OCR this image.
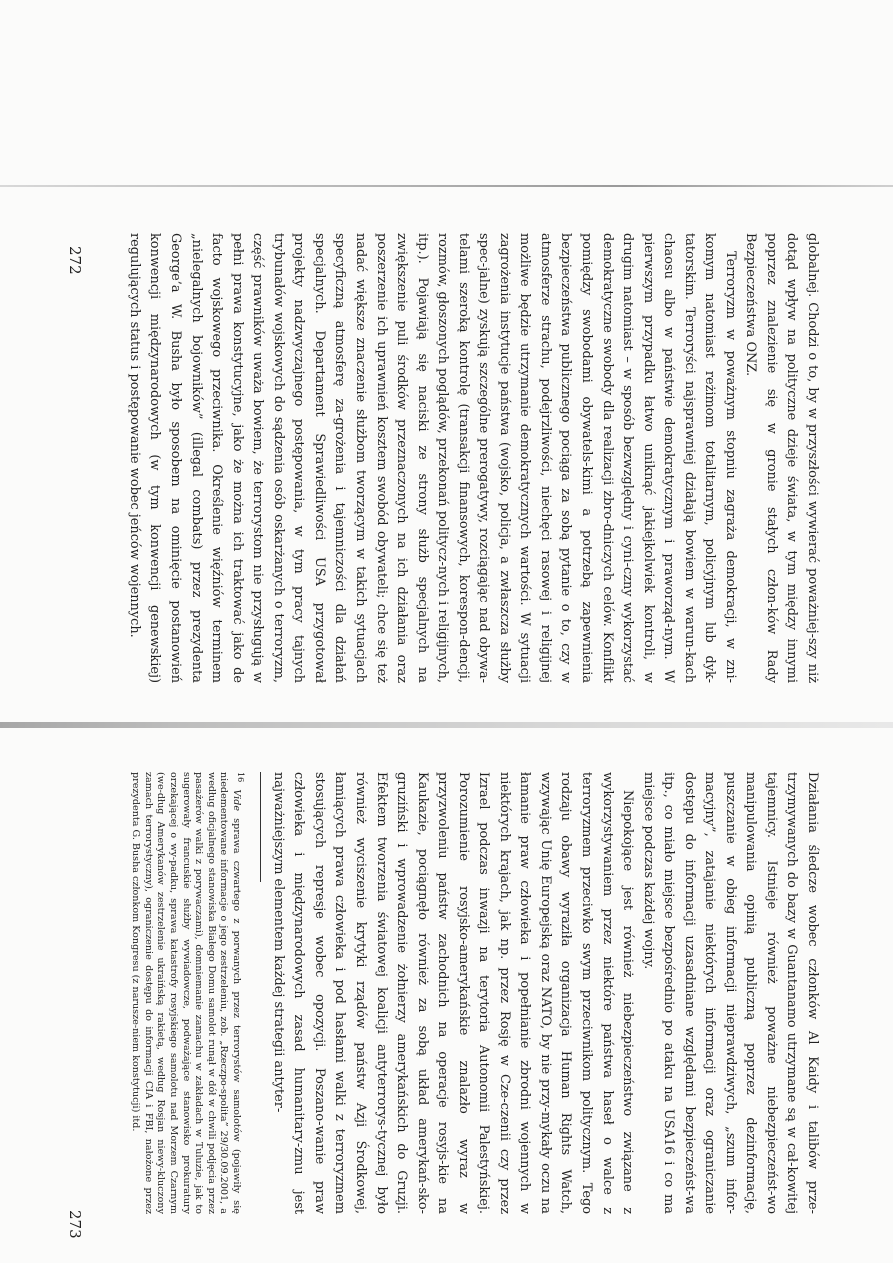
globalnej. Chodzi o to, by w przyszłości wywierać poważniej-szy niż dotąd wpływ na polityczne dzieje świata, w tym między innymi poprzez znalezienie się w gronie stałych człon-ków Rady Bezpieczeństwa ONZ.

Terroryzm w poważnym stopniu zagraża demokracji, w zni-komym natomiast reżimom totalitarnym, policyjnym lub dyk-tatorskim. Terroryści najsprawniej działają bowiem w warun-kach chaosu albo w państwie demokratycznym i praworząd-nym. W pierwszym przypadku łatwo uniknąć jakiejkolwiek kontroli, w drugim natomiast – w sposób bezwzględny i cyni-czny wykorzystać demokratyczne swobody dla realizacji zbro-dniczych celów. Konflikt pomiędzy swobodami obywatels-kimi a potrzebą zapewnienia bezpieczeństwa publicznego pociąga za sobą pytanie o to, czy w atmosferze strachu, podejrzliwości, niechęci rasowej i religijnej możliwe będzie utrzymanie demokratycznych wartości. W sytuacji zagrożenia instytucje państwa (wojsko, policja, a zwłaszcza służby spec-jalne) zyskują szczególne prerogatywy, rozciągając nad obywa-telami szeroką kontrolę (transakcji finansowych, korespon-dencji, rozmów, głoszonych poglądów, przekonań politycz-nych i religijnych, itp.). Pojawiają się naciski ze strony służb specjalnych na zwiększenie puli środków przeznaczonych na ich działania oraz poszerzenie ich uprawnień kosztem swobód obywateli; chce się też nadać większe znaczenie służbom tworzącym w takich sytuacjach specyficzną atmosferę za-grożenia i tajemniczości dla działań specjalnych. Departament Sprawiedliwości USA przygotował projekty nadzwyczajnego postępowania, w tym pracy tajnych trybunałów wojskowych do sądzenia osób oskarżanych o terroryzm, część prawników uważa bowiem, że terrorystom nie przysługują w pełni prawa konstytucyjne, jako że można ich traktować jako de facto wojskowego przeciwnika. Określenie więźniów terminem „nielegalnych bojowników” (illegal combats) przez prezydenta George’a W. Busha było sposobem na ominięcie postanowień konwencji międzynarodowych (w tym konwencji genewskiej) regulujących status i postępowanie wobec jeńców wojennych.

Działania śledcze wobec członków Al Kaidy i talibów prze-trzymywanych do bazy w Guantanamo utrzymane są w cał-kowitej tajemnicy. Istnieje również poważne niebezpieczeńst-wo manipulowania opinią publiczną poprzez dezinformację, puszczanie w obieg informacji nieprawdziwych, „szum infor-macyjny”, zatajanie niektórych informacji oraz ograniczanie dostępu do informacji uzasadniane względami bezpieczeńst-wa itp., co miało miejsce bezpośrednio po ataku na USA16 i co ma miejsce podczas każdej wojny.

Niepokojące jest również niebezpieczeństwo związane z wykorzystywaniem przez niektóre państwa haseł o walce z terroryzmem przeciwko swym przeciwnikom politycznym. Tego rodzaju obawy wyraziła organizacja Human Rights Watch, wzywając Unię Europejską oraz NATO, by nie przy-mykały oczu na łamanie praw człowieka i popełnianie zbrodni wojennych w niektórych krajach, jak np. przez Rosję w Cze-czenii czy przez Izrael podczas inwazji na terytoria Autonomii Palestyńskiej. Porozumienie rosyjsko-amerykańskie znalazło wyraz w przyzwoleniu państw zachodnich na operacje rosyjs-kie na Kaukazie, pociągnęło również za sobą układ amerykań-sko-gruziński i wprowadzenie żołnierzy amerykańskich do Gruzji. Efektem tworzenia światowej koalicji antyterrorys-tycznej było również wyciszenie krytyki rządów państw Azji Środkowej, łamiących prawa człowieka i pod hasłami walki z terroryzmem stosujących represje wobec opozycji. Poszano-wanie praw człowieka i międzynarodowych zasad humanitary-zmu jest najważniejszym elementem każdej strategii antyter-

$^{16}$ Vide sprawa czwartego z porwanych przez terrorystów samolotów (pojawiły się niedementowane informacje o jego zestrzeleniu, zob. „Rzeczpo-spolita” 29/30.09.2001, a według oficjalnego stanowiska Białego Domu samolot runął w dół w chwili podjęcia przez pasażerów walki z porywaczami), domniemanie zamachu w zakładach w Tuluzie, jak to sugerowały francuskie służby wywiadowcze, podważające stanowisko prokuratury orzekającej o wy-padku, sprawa katastrofy rosyjskiego samolotu nad Morzem Czarnym (we-dług Amerykanów zestrzelenie ukraińską rakietą, według Rosjan niewy-kluczony zamach terrorystyczny), ograniczenie dostępu do informacji CIA i FBI, nałożone przez prezydenta G. Busha członkom Kongresu (z narusze-niem konstytucji) itd.
272
273
